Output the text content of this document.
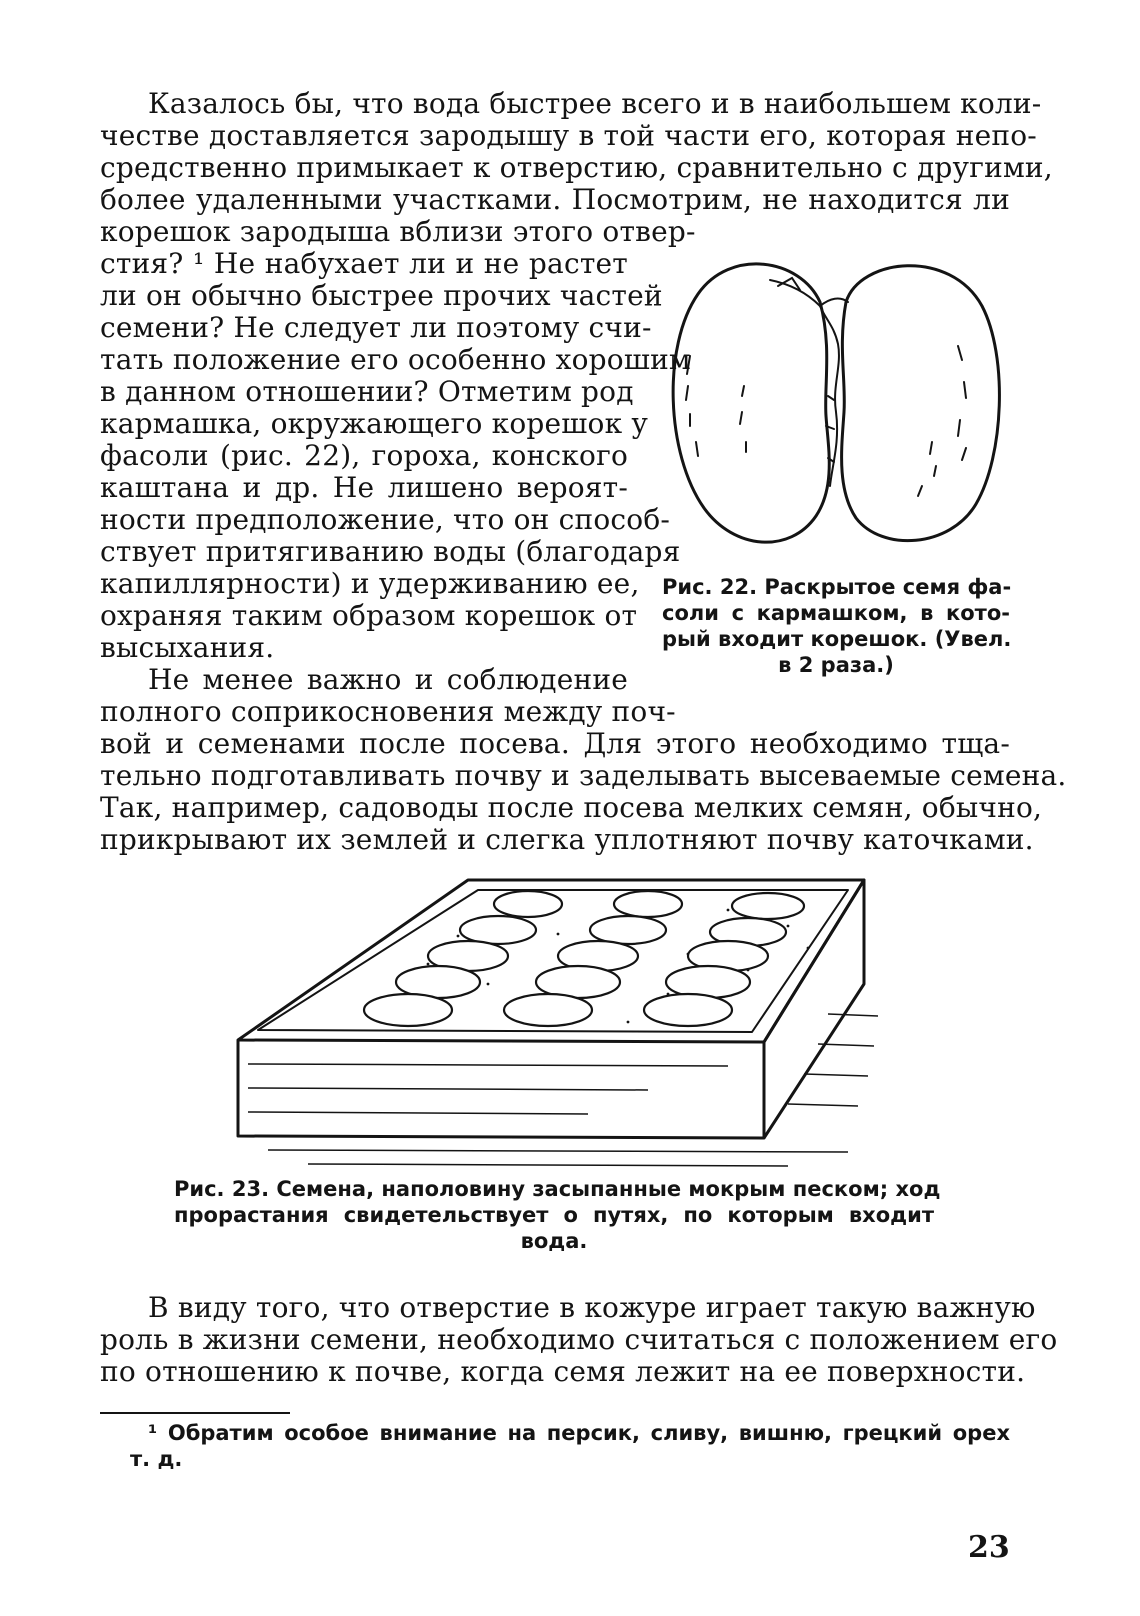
Казалось бы, что вода быстрее всего и в наибольшем коли-
честве доставляется зародышу в той части его, которая непо-
средственно примыкает к отверстию, сравнительно с другими,
более удаленными участками. Посмотрим, не находится ли
корешок зародыша вблизи этого отвер-
стия? ¹ Не набухает ли и не растет
ли он обычно быстрее прочих частей
семени? Не следует ли поэтому счи-
тать положение его особенно хорошим
в данном отношении? Отметим род
кармашка, окружающего корешок у
фасоли (рис. 22), гороха, конского
каштана и др. Не лишено вероят-
ности предположение, что он способ-
ствует притягиванию воды (благодаря
капиллярности) и удерживанию ее,
охраняя таким образом корешок от
высыхания.
Не менее важно и соблюдение
полного соприкосновения между поч-
вой и семенами после посева. Для этого необходимо тща-
тельно подготавливать почву и заделывать высеваемые семена.
Так, например, садоводы после посева мелких семян, обычно,
прикрывают их землей и слегка уплотняют почву каточками.
Рис. 22. Раскрытое семя фа-
соли с кармашком, в кото-
рый входит корешок. (Увел.
в 2 раза.)
Рис. 23. Семена, наполовину засыпанные мокрым песком; ход
прорастания свидетельствует о путях, по которым входит
вода.
В виду того, что отверстие в кожуре играет такую важную
роль в жизни семени, необходимо считаться с положением его
по отношению к почве, когда семя лежит на ее поверхности.
¹ Обратим особое внимание на персик, сливу, вишню, грецкий орех
т. д.
23
